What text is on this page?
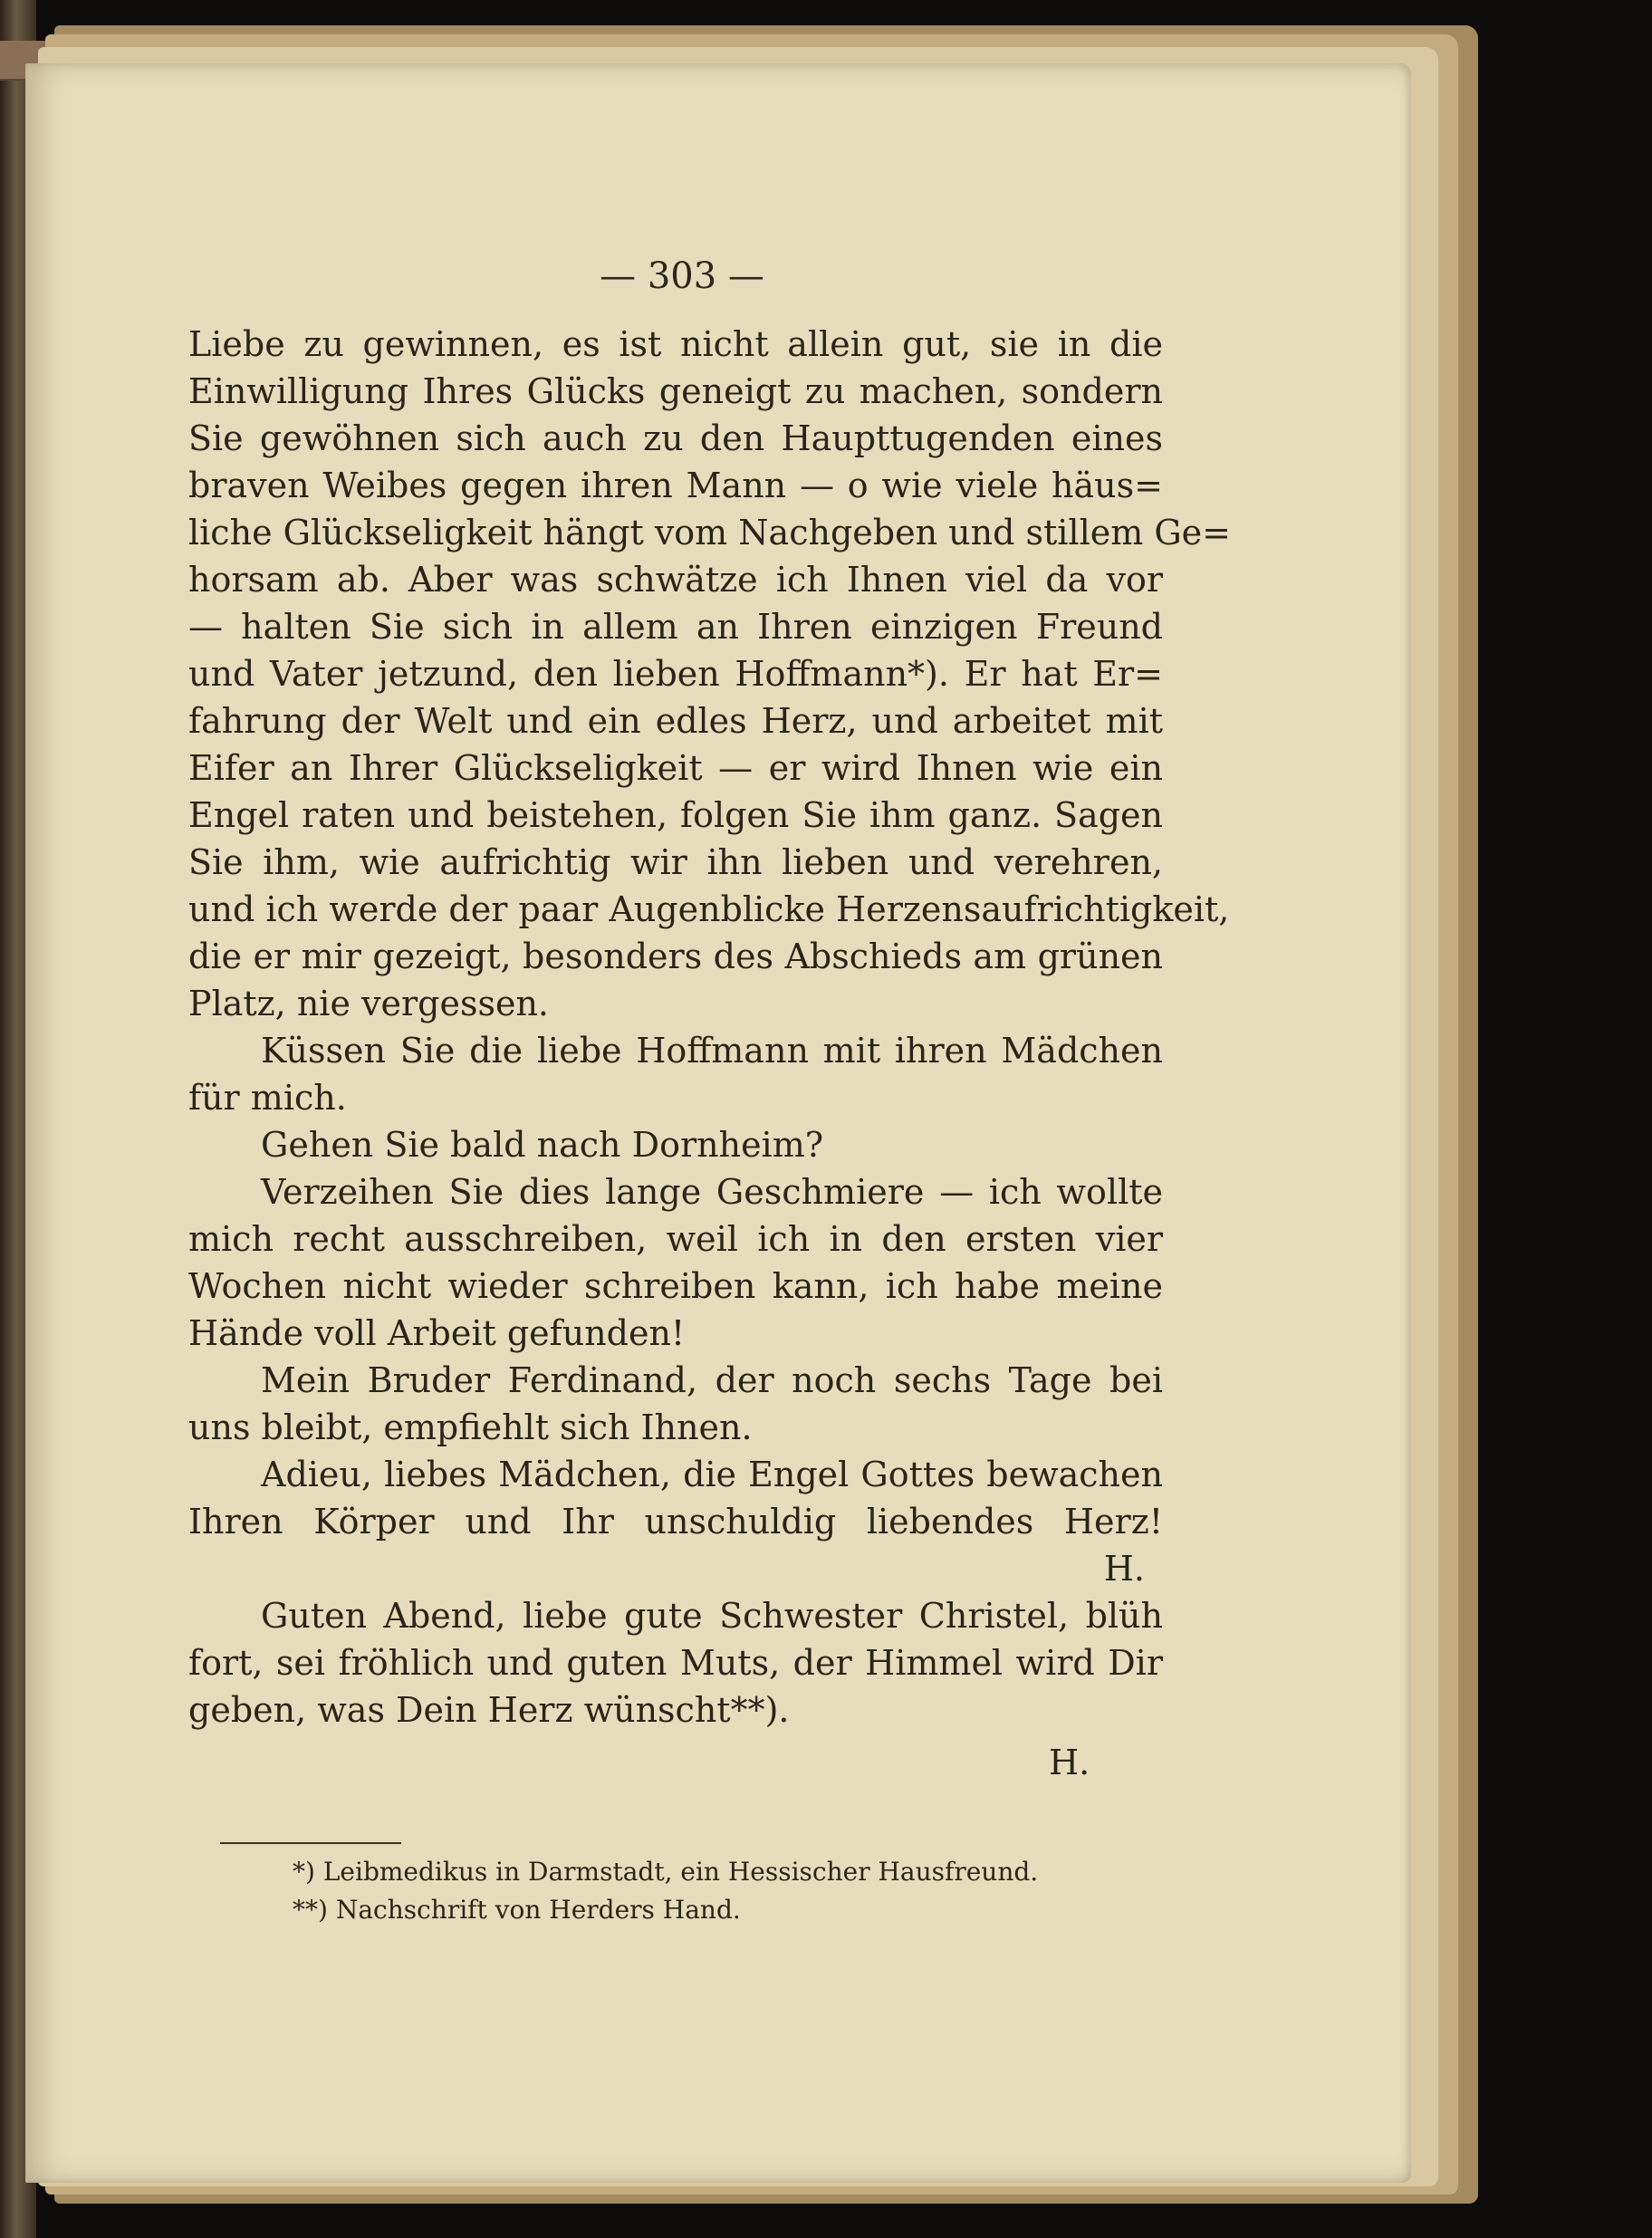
— 303 —
Liebe zu gewinnen, es ist nicht allein gut, sie in die
Einwilligung Ihres Glücks geneigt zu machen, sondern
Sie gewöhnen sich auch zu den Haupttugenden eines
braven Weibes gegen ihren Mann — o wie viele häus=
liche Glückseligkeit hängt vom Nachgeben und stillem Ge=
horsam ab. Aber was schwätze ich Ihnen viel da vor
— halten Sie sich in allem an Ihren einzigen Freund
und Vater jetzund, den lieben Hoffmann*). Er hat Er=
fahrung der Welt und ein edles Herz, und arbeitet mit
Eifer an Ihrer Glückseligkeit — er wird Ihnen wie ein
Engel raten und beistehen, folgen Sie ihm ganz. Sagen
Sie ihm, wie aufrichtig wir ihn lieben und verehren,
und ich werde der paar Augenblicke Herzensaufrichtigkeit,
die er mir gezeigt, besonders des Abschieds am grünen
Platz, nie vergessen.
Küssen Sie die liebe Hoffmann mit ihren Mädchen
für mich.
Gehen Sie bald nach Dornheim?
Verzeihen Sie dies lange Geschmiere — ich wollte
mich recht ausschreiben, weil ich in den ersten vier
Wochen nicht wieder schreiben kann, ich habe meine
Hände voll Arbeit gefunden!
Mein Bruder Ferdinand, der noch sechs Tage bei
uns bleibt, empfiehlt sich Ihnen.
Adieu, liebes Mädchen, die Engel Gottes bewachen
Ihren Körper und Ihr unschuldig liebendes Herz!
H.
Guten Abend, liebe gute Schwester Christel, blüh
fort, sei fröhlich und guten Muts, der Himmel wird Dir
geben, was Dein Herz wünscht**).
H.
*) Leibmedikus in Darmstadt, ein Hessischer Hausfreund.
**) Nachschrift von Herders Hand.
